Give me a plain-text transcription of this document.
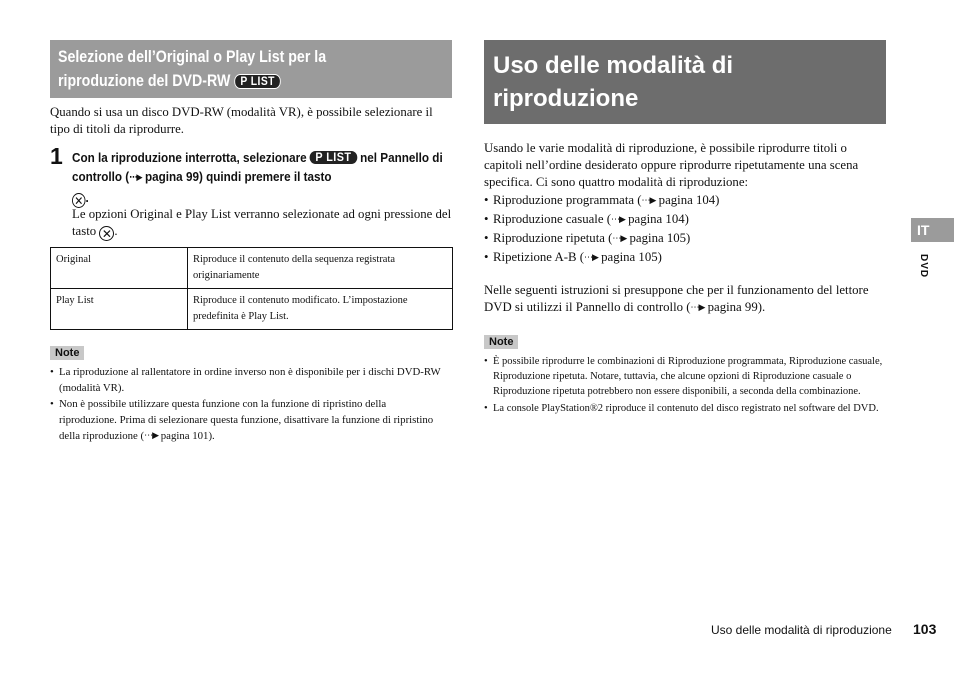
Selezione dell’Original o Play List per la
riproduzione del DVD-RW P LIST
Quando si usa un disco DVD-RW (modalità VR), è possibile selezionare il tipo di titoli da riprodurre.
1 Con la riproduzione interrotta, selezionare P LIST nel Pannello di controllo (⋯▶ pagina 99) quindi premere il tasto
✕ .
Le opzioni Original e Play List verranno selezionate ad ogni pressione del tasto ✕ .
Original	Riproduce il contenuto della sequenza registrata originariamente
Play List	Riproduce il contenuto modificato. L’impostazione predefinita è Play List.
Note
• La riproduzione al rallentatore in ordine inverso non è disponibile per i dischi DVD-RW (modalità VR).
• Non è possibile utilizzare questa funzione con la funzione di ripristino della riproduzione. Prima di selezionare questa funzione, disattivare la funzione di ripristino della riproduzione (⋯▶ pagina 101).
Uso delle modalità di riproduzione
Usando le varie modalità di riproduzione, è possibile riprodurre titoli o capitoli nell’ordine desiderato oppure riprodurre ripetutamente una scena specifica. Ci sono quattro modalità di riproduzione:
• Riproduzione programmata (⋯▶ pagina 104)
• Riproduzione casuale (⋯▶ pagina 104)
• Riproduzione ripetuta (⋯▶ pagina 105)
• Ripetizione A-B (⋯▶ pagina 105)
Nelle seguenti istruzioni si presuppone che per il funzionamento del lettore DVD si utilizzi il Pannello di controllo (⋯▶ pagina 99).
Note
• È possibile riprodurre le combinazioni di Riproduzione programmata, Riproduzione casuale, Riproduzione ripetuta. Notare, tuttavia, che alcune opzioni di Riproduzione casuale o Riproduzione ripetuta potrebbero non essere disponibili, a seconda della combinazione.
• La console PlayStation®2 riproduce il contenuto del disco registrato nel software del DVD.
IT
DVD
Uso delle modalità di riproduzione 103
